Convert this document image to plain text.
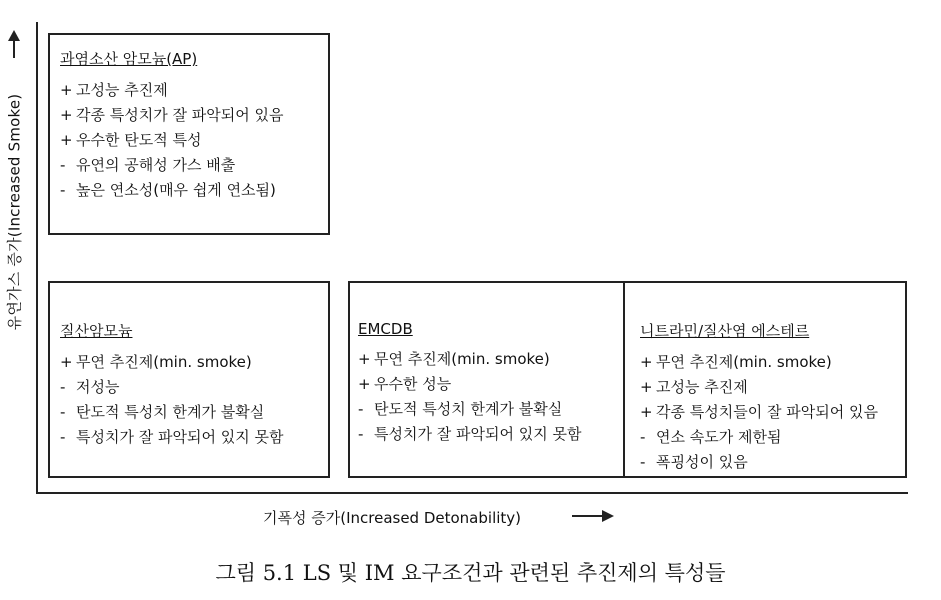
유연가스 증가(Increased Smoke)
기폭성 증가(Increased Detonability)
과염소산 암모늄(AP)
+ 고성능 추진제
+ 각종 특성치가 잘 파악되어 있음
+ 우수한 탄도적 특성
- 유연의 공해성 가스 배출
- 높은 연소성(매우 쉽게 연소됨)
질산암모늄
+ 무연 추진제(min. smoke)
- 저성능
- 탄도적 특성치 한계가 불확실
- 특성치가 잘 파악되어 있지 못함
EMCDB
+ 무연 추진제(min. smoke)
+ 우수한 성능
- 탄도적 특성치 한계가 불확실
- 특성치가 잘 파악되어 있지 못함
니트라민/질산염 에스테르
+ 무연 추진제(min. smoke)
+ 고성능 추진제
+ 각종 특성치들이 잘 파악되어 있음
- 연소 속도가 제한됨
- 폭굉성이 있음
그림 5.1 LS 및 IM 요구조건과 관련된 추진제의 특성들
